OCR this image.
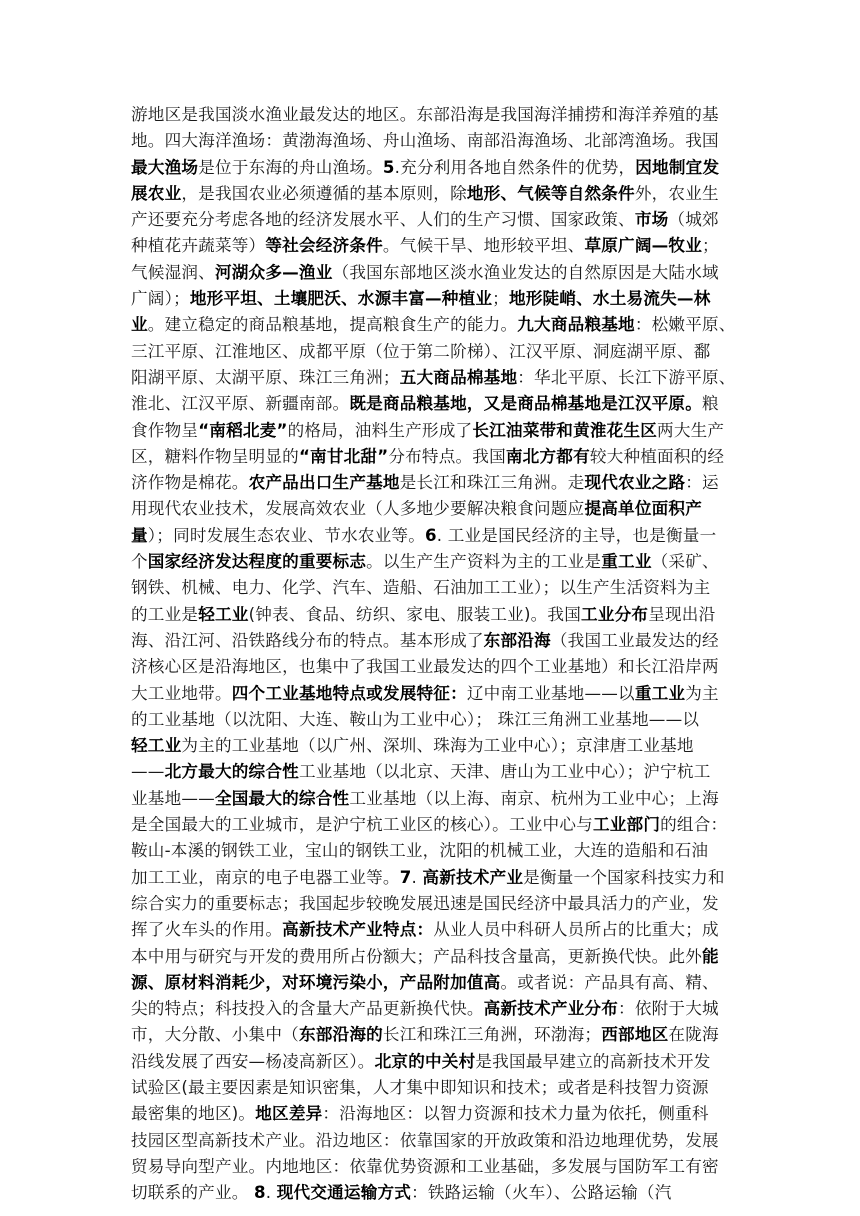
游地区是我国淡水渔业最发达的地区。东部沿海是我国海洋捕捞和海洋养殖的基
地。四大海洋渔场：黄渤海渔场、舟山渔场、南部沿海渔场、北部湾渔场。我国
最大渔场是位于东海的舟山渔场。5.充分利用各地自然条件的优势，因地制宜发
展农业，是我国农业必须遵循的基本原则，除地形、气候等自然条件外，农业生
产还要充分考虑各地的经济发展水平、人们的生产习惯、国家政策、市场（城郊
种植花卉蔬菜等）等社会经济条件。气候干旱、地形较平坦、草原广阔—牧业；
气候湿润、河湖众多—渔业（我国东部地区淡水渔业发达的自然原因是大陆水域
广阔）；地形平坦、土壤肥沃、水源丰富—种植业；地形陡峭、水土易流失—林
业。建立稳定的商品粮基地，提高粮食生产的能力。九大商品粮基地：松嫩平原、
三江平原、江淮地区、成都平原（位于第二阶梯）、江汉平原、洞庭湖平原、鄱
阳湖平原、太湖平原、珠江三角洲；五大商品棉基地：华北平原、长江下游平原、
淮北、江汉平原、新疆南部。既是商品粮基地，又是商品棉基地是江汉平原。粮
食作物呈“南稻北麦”的格局，油料生产形成了长江油菜带和黄淮花生区两大生产
区，糖料作物呈明显的“南甘北甜”分布特点。我国南北方都有较大种植面积的经
济作物是棉花。农产品出口生产基地是长江和珠江三角洲。走现代农业之路：运
用现代农业技术，发展高效农业（人多地少要解决粮食问题应提高单位面积产
量）；同时发展生态农业、节水农业等。6. 工业是国民经济的主导，也是衡量一
个国家经济发达程度的重要标志。以生产生产资料为主的工业是重工业（采矿、
钢铁、机械、电力、化学、汽车、造船、石油加工工业）；以生产生活资料为主
的工业是轻工业(钟表、食品、纺织、家电、服装工业)。我国工业分布呈现出沿
海、沿江河、沿铁路线分布的特点。基本形成了东部沿海（我国工业最发达的经
济核心区是沿海地区，也集中了我国工业最发达的四个工业基地）和长江沿岸两
大工业地带。四个工业基地特点或发展特征：辽中南工业基地——以重工业为主
的工业基地（以沈阳、大连、鞍山为工业中心）； 珠江三角洲工业基地——以
轻工业为主的工业基地（以广州、深圳、珠海为工业中心）；京津唐工业基地
——北方最大的综合性工业基地（以北京、天津、唐山为工业中心）；沪宁杭工
业基地——全国最大的综合性工业基地（以上海、南京、杭州为工业中心；上海
是全国最大的工业城市，是沪宁杭工业区的核心）。工业中心与工业部门的组合：
鞍山-本溪的钢铁工业，宝山的钢铁工业，沈阳的机械工业，大连的造船和石油
加工工业，南京的电子电器工业等。7. 高新技术产业是衡量一个国家科技实力和
综合实力的重要标志；我国起步较晚发展迅速是国民经济中最具活力的产业，发
挥了火车头的作用。高新技术产业特点：从业人员中科研人员所占的比重大；成
本中用与研究与开发的费用所占份额大；产品科技含量高，更新换代快。此外能
源、原材料消耗少，对环境污染小，产品附加值高。或者说：产品具有高、精、
尖的特点；科技投入的含量大产品更新换代快。高新技术产业分布：依附于大城
市，大分散、小集中（东部沿海的长江和珠江三角洲，环渤海；西部地区在陇海
沿线发展了西安—杨凌高新区）。北京的中关村是我国最早建立的高新技术开发
试验区(最主要因素是知识密集，人才集中即知识和技术；或者是科技智力资源
最密集的地区)。地区差异：沿海地区：以智力资源和技术力量为依托，侧重科
技园区型高新技术产业。沿边地区：依靠国家的开放政策和沿边地理优势，发展
贸易导向型产业。内地地区：依靠优势资源和工业基础，多发展与国防军工有密
切联系的产业。 8. 现代交通运输方式：铁路运输（火车）、公路运输（汽
